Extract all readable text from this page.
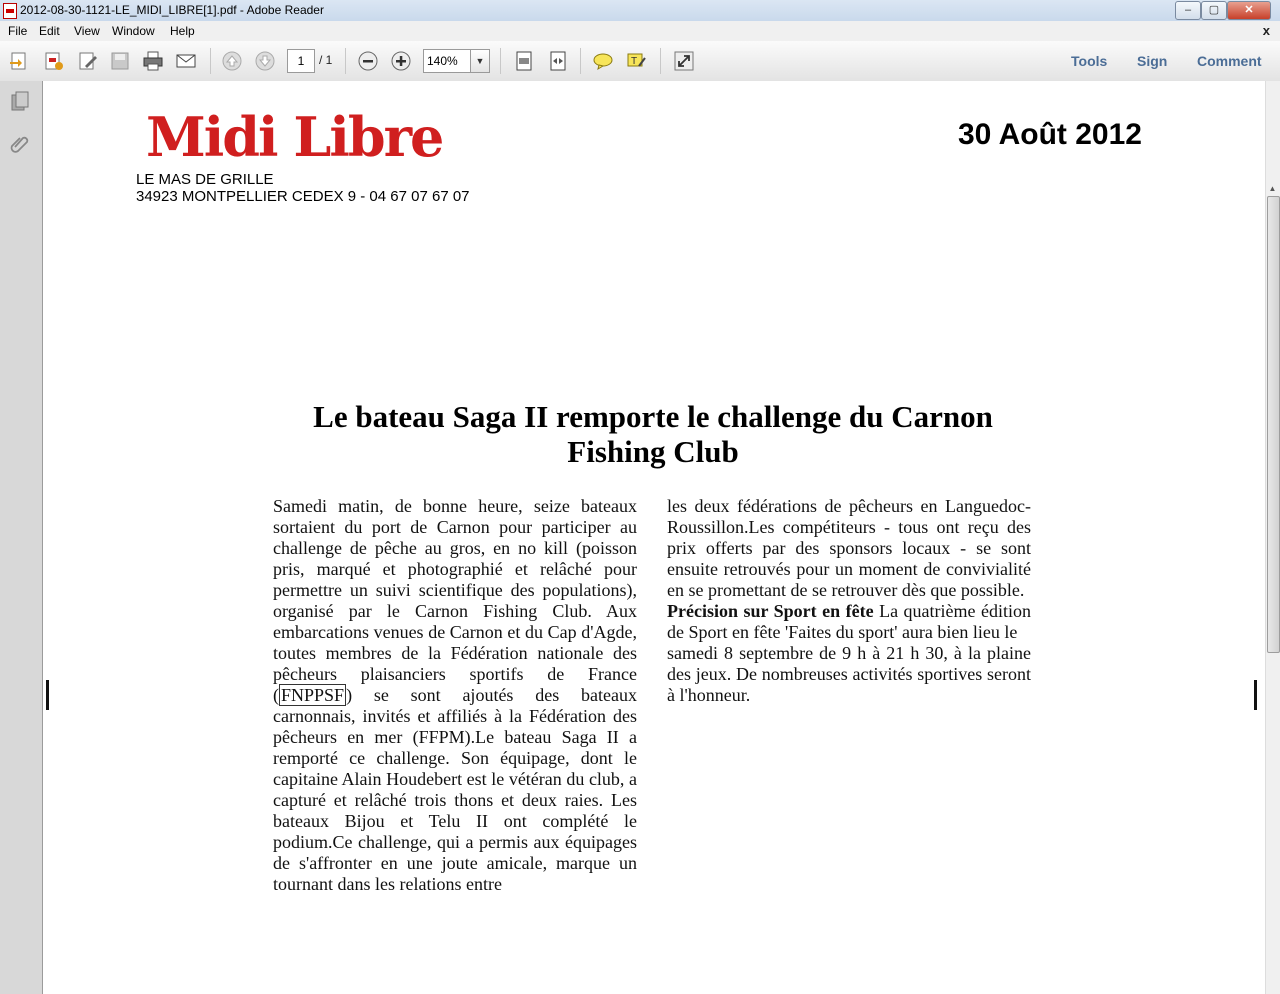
2012-08-30-1121-LE_MIDI_LIBRE[1].pdf - Adobe Reader	–	▢	✕
File Edit View Window Help	x
T
1	/ 1	140%	▼	Tools Sign Comment
Midi Libre	30 Août 2012
LE MAS DE GRILLE
34923 MONTPELLIER CEDEX 9 - 04 67 07 67 07
Le bateau Saga II remporte le challenge du Carnon Fishing Club
Samedi matin, de bonne heure, seize bateaux sortaient du port de Carnon pour participer au challenge de pêche au gros, en no kill (poisson pris, marqué et photographié et relâché pour permettre un suivi scientifique des populations), organisé par le Carnon Fishing Club. Aux embarcations venues de Carnon et du Cap d'Agde, toutes membres de la Fédération nationale des pêcheurs plaisanciers sportifs de France ( FNPPSF ) se sont ajoutés des bateaux carnonnais, invités et affiliés à la Fédération des pêcheurs en mer (FFPM).Le bateau Saga II a remporté ce challenge. Son équipage, dont le capitaine Alain Houdebert est le vétéran du club, a capturé et relâché trois thons et deux raies. Les bateaux Bijou et Telu II ont complété le podium.Ce challenge, qui a permis aux équipages de s'affronter en une joute amicale, marque un tournant dans les relations entre
les deux fédérations de pêcheurs en Languedoc-Roussillon.Les compétiteurs - tous ont reçu des prix offerts par des sponsors locaux - se sont ensuite retrouvés pour un moment de convivialité en se promettant de se retrouver dès que possible.
Précision sur Sport en fête La quatrième édition de Sport en fête 'Faites du sport' aura bien lieu le
samedi 8 septembre de 9 h à 21 h 30, à la plaine des jeux. De nombreuses activités sportives seront à l'honneur.
▲
